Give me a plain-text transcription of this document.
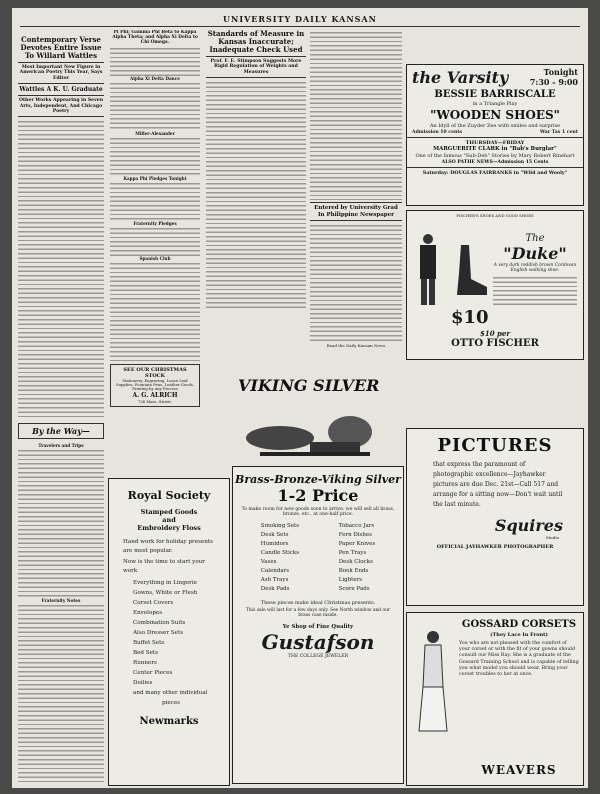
UNIVERSITY DAILY KANSAN
Contemporary Verse Devotes Entire Issue To Willard Wattles
Most Important New Figure in American Poetry This Year, Says Editor
Wattles A K. U. Graduate
Other Works Appearing in Seven Arts, Independent, And Chicago Poetry
By the Way—
Travelers and Trips
Fraternity Notes
Pi Phi; Gamma Phi Beta to Kappa Alpha Theta; and Alpha Xi Delta to Chi Omega.
Alpha Xi Delta Dance
Miller-Alexander
Kappa Phi Pledges Tonight
Fraternity Pledges
Spanish Club
SEE OUR CHRISTMAS STOCK
Stationery, Engraving, Loose Leaf Supplies, Fountain Pens, Leather Goods. Printing by any Process
A. G. ALRICH
736 Mass. Street.
Standards of Measure in Kansas Inaccurate; Inadequate Check Used
Prof. F. E. Stimpson Suggests More Rigid Regulation of Weights and Measures
Entered by University Grad In Philippine Newspaper
Read the Daily Kansan News
the Varsity	Tonight
7:30 - 9:00
BESSIE BARRISCALE
in a Triangle Play
"WOODEN SHOES"
An Idyll of the Zuyder Zee with smiles and surprise
Admission 10 cents	War Tax 1 cent
THURSDAY—FRIDAY
MARGUERITE CLARK in "Bab's Burglar"
One of the famous "Sub-Deb" Stories by Mary Robert Rinehart
ALSO PATHE NEWS—Admission 15 Cents
Saturday: DOUGLAS FAIRBANKS in "Wild and Wooly"
FISCHER'S SHOES AND GOOD SHOES
$10
The
"Duke"
A very dark reddish brown Cordovan English walking shoe.
$10 per
OTTO FISCHER
VIKING SILVER
Brass-Bronze-Viking Silver
1-2 Price
To make room for new goods soon to arrive, we will sell all brass, bronze, etc., at one-half price.
Smoking Sets
Desk Sets
Humidors
Candle Sticks
Vases
Calendars
Ash Trays
Desk Pads
Tobacco Jars
Fern Dishes
Paper Knives
Pen Trays
Desk Clocks
Book Ends
Lighters
Score Pads
These pieces make ideal Christmas presents.
This sale will last for a few days only. See North window and our brass case inside.
Ye Shop of Fine Quality
Gustafson
THE COLLEGE JEWELER
Royal Society
Stamped Goods
and
Embroidery Floss
Hand work for holiday presents are most popular.
Now is the time to start your work
Everything in Lingerie
Gowns, White or Flesh
Corset Covers
Envelopes
Combination Suits
Also Dresser Sets
Buffet Sets
Bed Sets
Runners
Center Pieces
Doilies
and many other individual
pieces
Newmarks
PICTURES
that express the paramount of photographic excellence—Jayhawker pictures are due Dec. 21st—Call 517 and arrange for a sitting now—Don't wait until the last minute.
Squires
Studio
OFFICIAL JAYHAWKER PHOTOGRAPHER
GOSSARD CORSETS
(They Lace In Front)
You who are not pleased with the comfort of your corset or with the fit of your gowns should consult our Miss Ray. She is a graduate of the Gossard Training School and is capable of telling you what model you should wear. Bring your corset troubles to her at once.
WEAVERS
